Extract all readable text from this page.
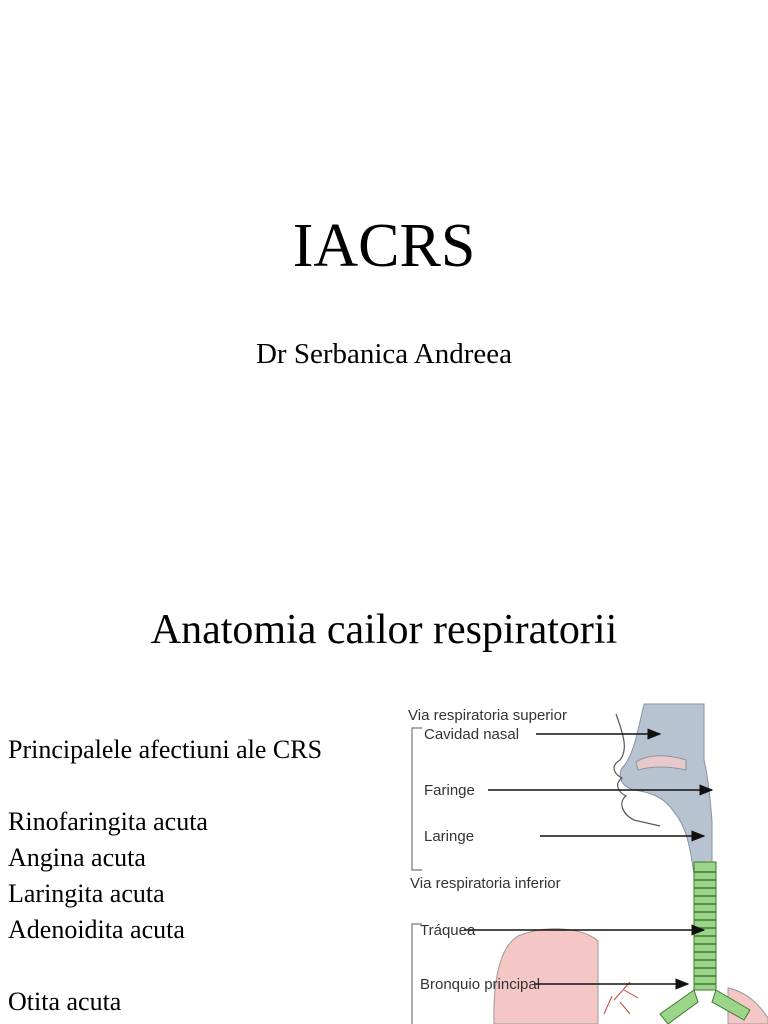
IACRS
Dr Serbanica Andreea
Anatomia cailor respiratorii
Principalele afectiuni ale CRS
Rinofaringita acuta
Angina acuta
Laringita acuta
Adenoidita acuta
Otita acuta
Via respiratoria superior
Cavidad nasal
Faringe
Laringe
Via respiratoria inferior
Tráquea
Bronquio principal
